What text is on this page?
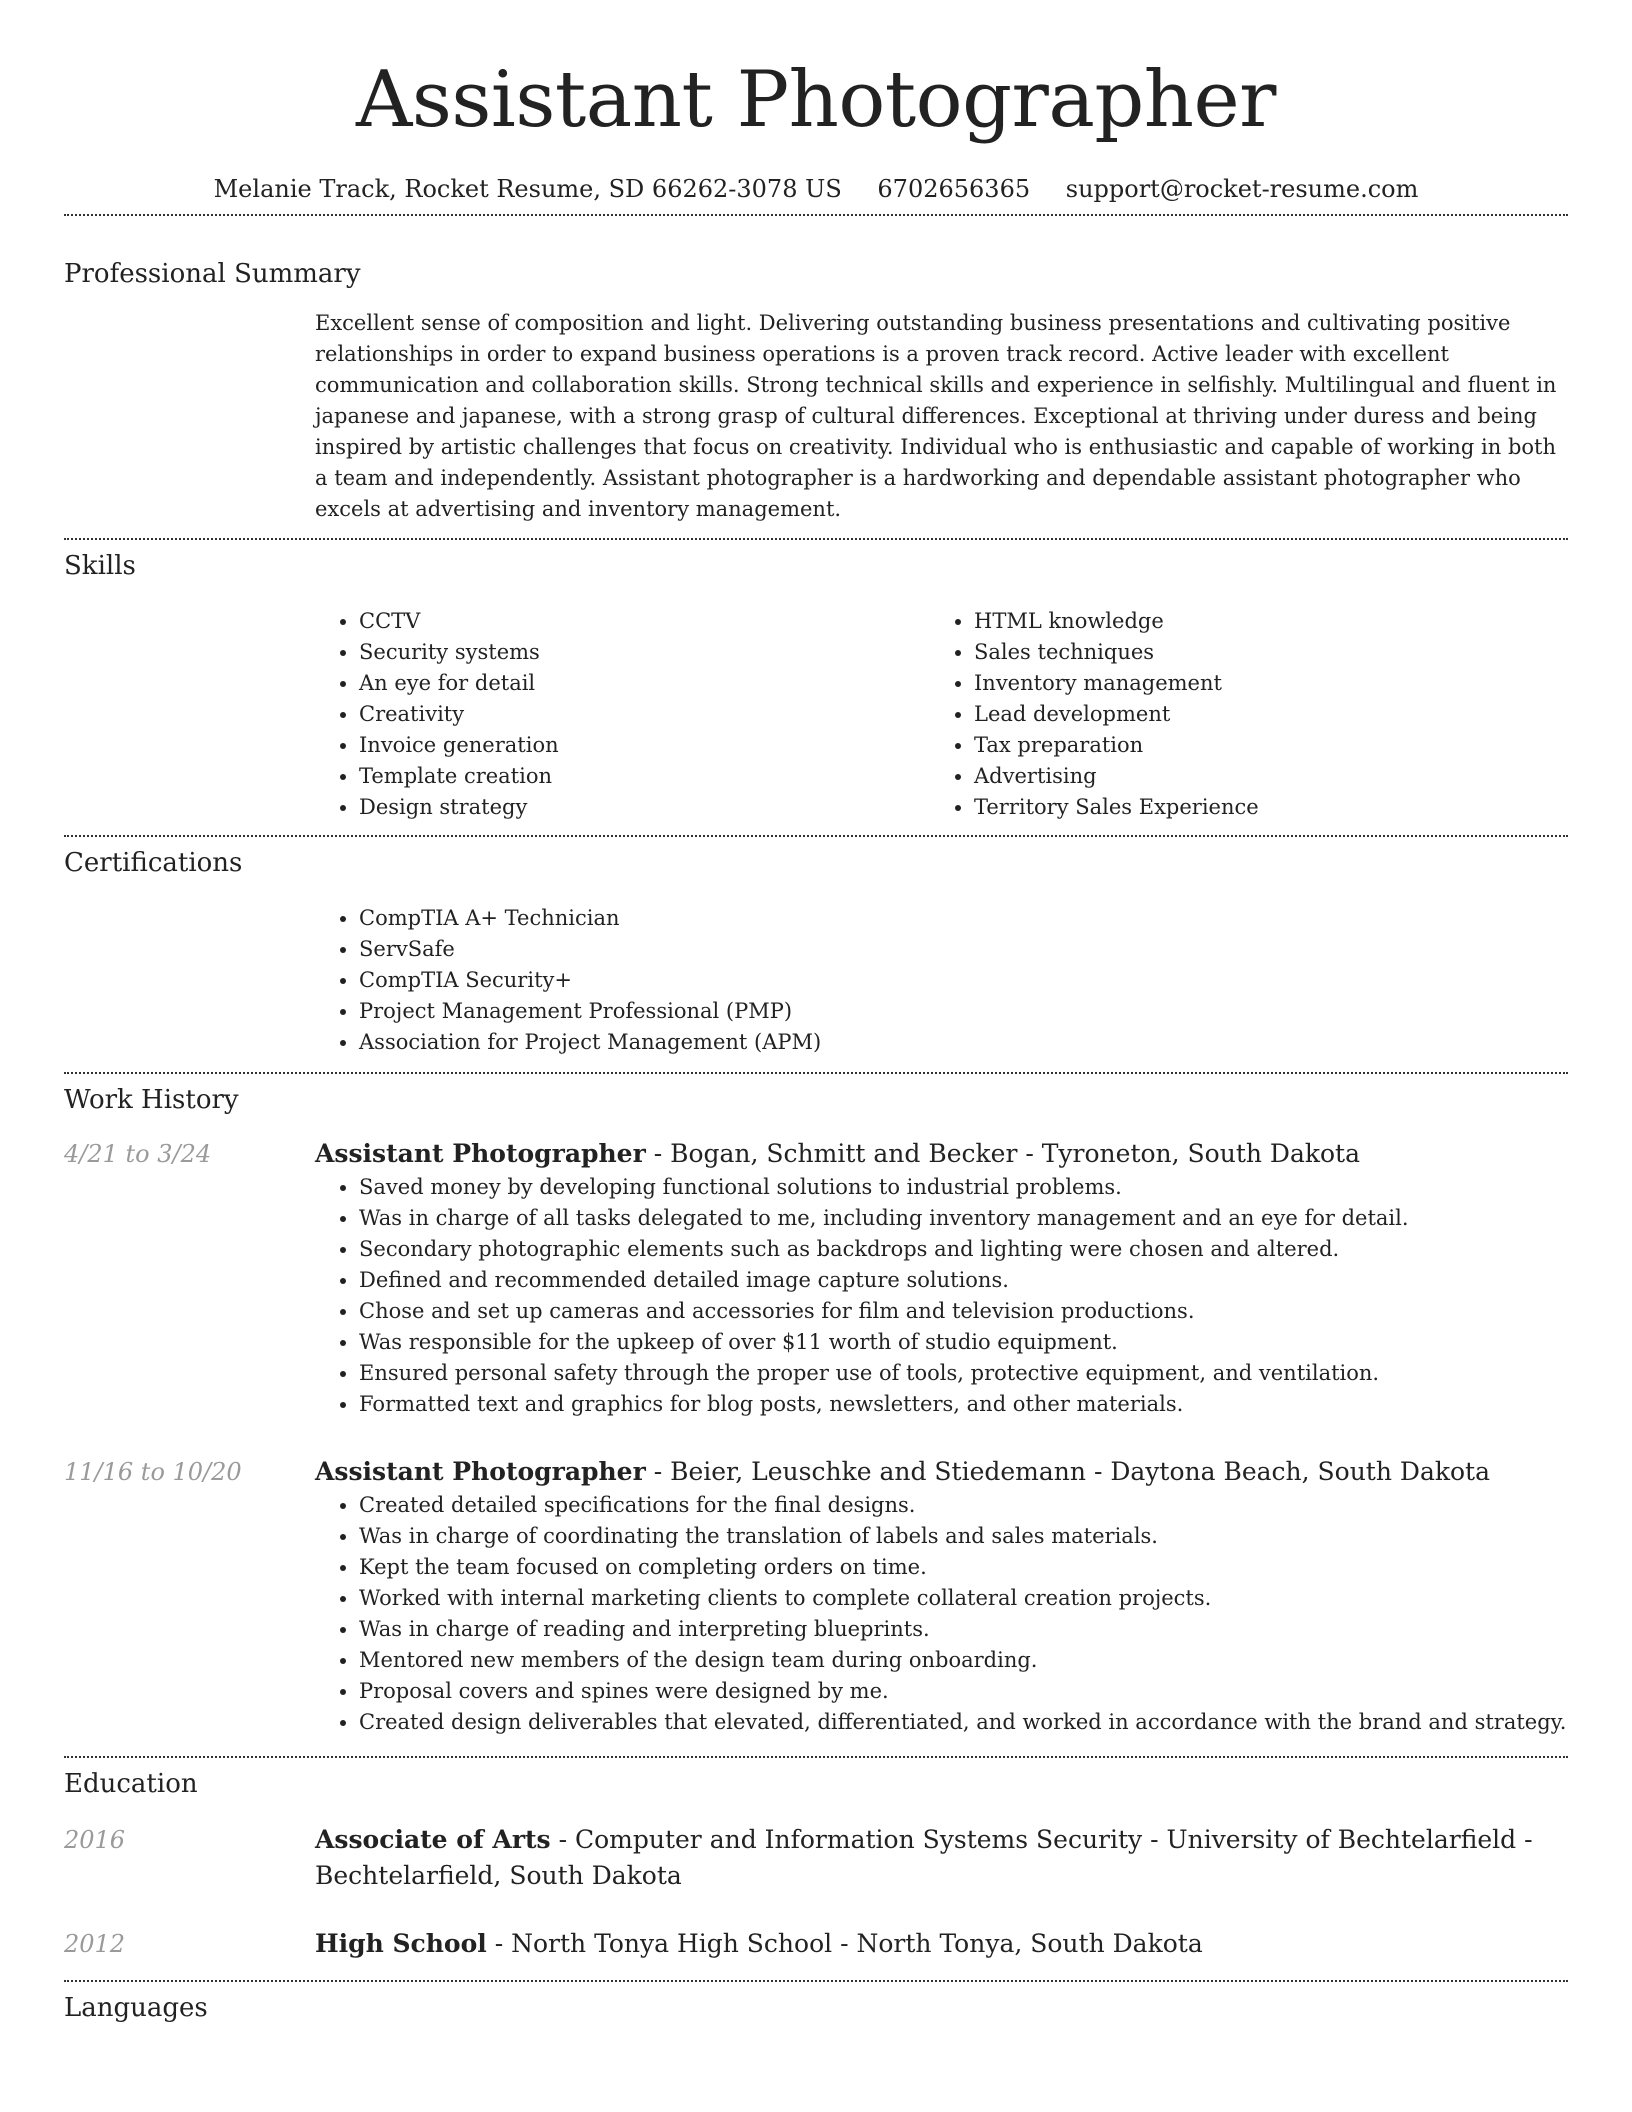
Assistant Photographer
Melanie Track, Rocket Resume, SD 66262-3078 US 6702656365 support@rocket-resume.com
Professional Summary
Excellent sense of composition and light. Delivering outstanding business presentations and cultivating positive relationships in order to expand business operations is a proven track record. Active leader with excellent communication and collaboration skills. Strong technical skills and experience in selfishly. Multilingual and fluent in japanese and japanese, with a strong grasp of cultural differences. Exceptional at thriving under duress and being inspired by artistic challenges that focus on creativity. Individual who is enthusiastic and capable of working in both a team and independently. Assistant photographer is a hardworking and dependable assistant photographer who excels at advertising and inventory management.
Skills
• CCTV
• Security systems
• An eye for detail
• Creativity
• Invoice generation
• Template creation
• Design strategy
• HTML knowledge
• Sales techniques
• Inventory management
• Lead development
• Tax preparation
• Advertising
• Territory Sales Experience
Certifications
• CompTIA A+ Technician
• ServSafe
• CompTIA Security+
• Project Management Professional (PMP)
• Association for Project Management (APM)
Work History
4/21 to 3/24	Assistant Photographer - Bogan, Schmitt and Becker - Tyroneton, South Dakota
• Saved money by developing functional solutions to industrial problems.
• Was in charge of all tasks delegated to me, including inventory management and an eye for detail.
• Secondary photographic elements such as backdrops and lighting were chosen and altered.
• Defined and recommended detailed image capture solutions.
• Chose and set up cameras and accessories for film and television productions.
• Was responsible for the upkeep of over $11 worth of studio equipment.
• Ensured personal safety through the proper use of tools, protective equipment, and ventilation.
• Formatted text and graphics for blog posts, newsletters, and other materials.
11/16 to 10/20	Assistant Photographer - Beier, Leuschke and Stiedemann - Daytona Beach, South Dakota
• Created detailed specifications for the final designs.
• Was in charge of coordinating the translation of labels and sales materials.
• Kept the team focused on completing orders on time.
• Worked with internal marketing clients to complete collateral creation projects.
• Was in charge of reading and interpreting blueprints.
• Mentored new members of the design team during onboarding.
• Proposal covers and spines were designed by me.
• Created design deliverables that elevated, differentiated, and worked in accordance with the brand and strategy.
Education
2016	Associate of Arts - Computer and Information Systems Security - University of Bechtelarfield - Bechtelarfield, South Dakota
2012	High School - North Tonya High School - North Tonya, South Dakota
Languages
